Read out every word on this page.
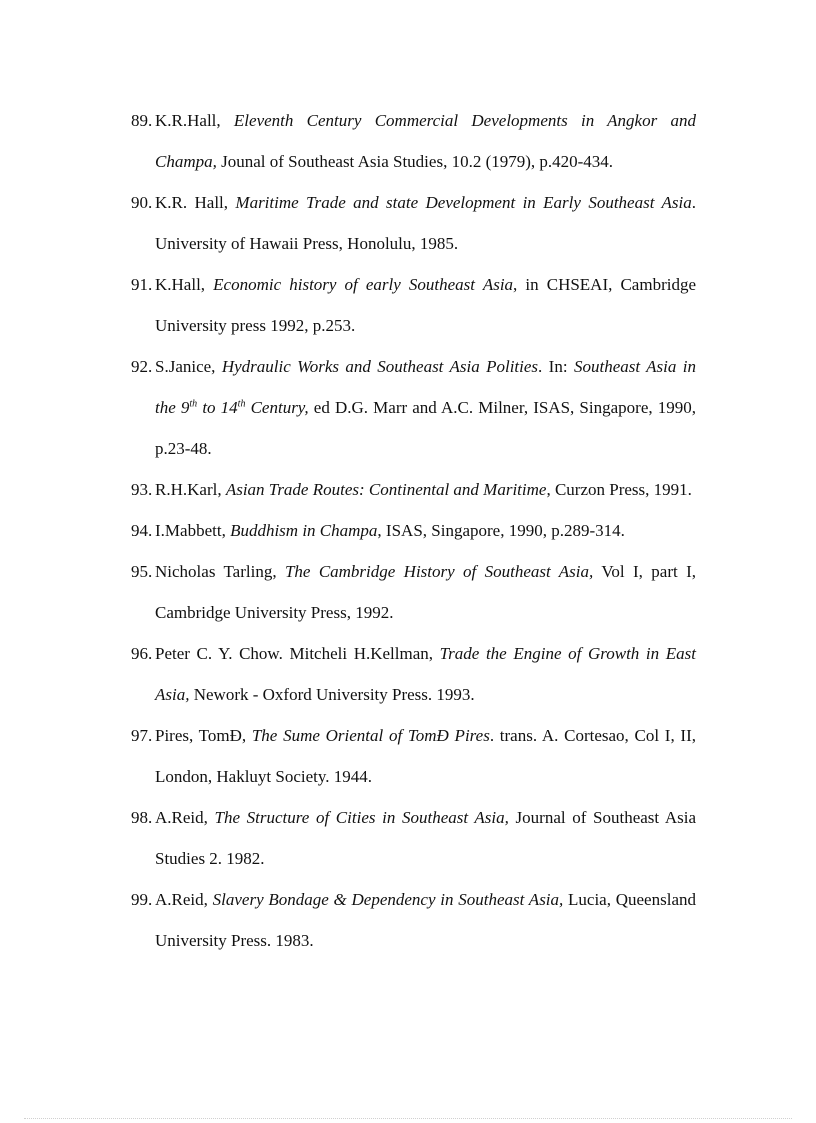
89. K.R.Hall, Eleventh Century Commercial Developments in Angkor and Champa, Jounal of Southeast Asia Studies, 10.2 (1979), p.420-434.
90. K.R. Hall, Maritime Trade and state Development in Early Southeast Asia. University of Hawaii Press, Honolulu, 1985.
91. K.Hall, Economic history of early Southeast Asia, in CHSEAI, Cambridge University press 1992, p.253.
92. S.Janice, Hydraulic Works and Southeast Asia Polities. In: Southeast Asia in the 9th to 14th Century, ed D.G. Marr and A.C. Milner, ISAS, Singapore, 1990, p.23-48.
93. R.H.Karl, Asian Trade Routes: Continental and Maritime, Curzon Press, 1991.
94. I.Mabbett, Buddhism in Champa, ISAS, Singapore, 1990, p.289-314.
95. Nicholas Tarling, The Cambridge History of Southeast Asia, Vol I, part I, Cambridge University Press, 1992.
96. Peter C. Y. Chow. Mitcheli H.Kellman, Trade the Engine of Growth in East Asia, Nework - Oxford University Press. 1993.
97. Pires, TomĐ, The Sume Oriental of TomĐ Pires. trans. A. Cortesao, Col I, II, London, Hakluyt Society. 1944.
98. A.Reid, The Structure of Cities in Southeast Asia, Journal of Southeast Asia Studies 2. 1982.
99. A.Reid, Slavery Bondage & Dependency in Southeast Asia, Lucia, Queensland University Press. 1983.
